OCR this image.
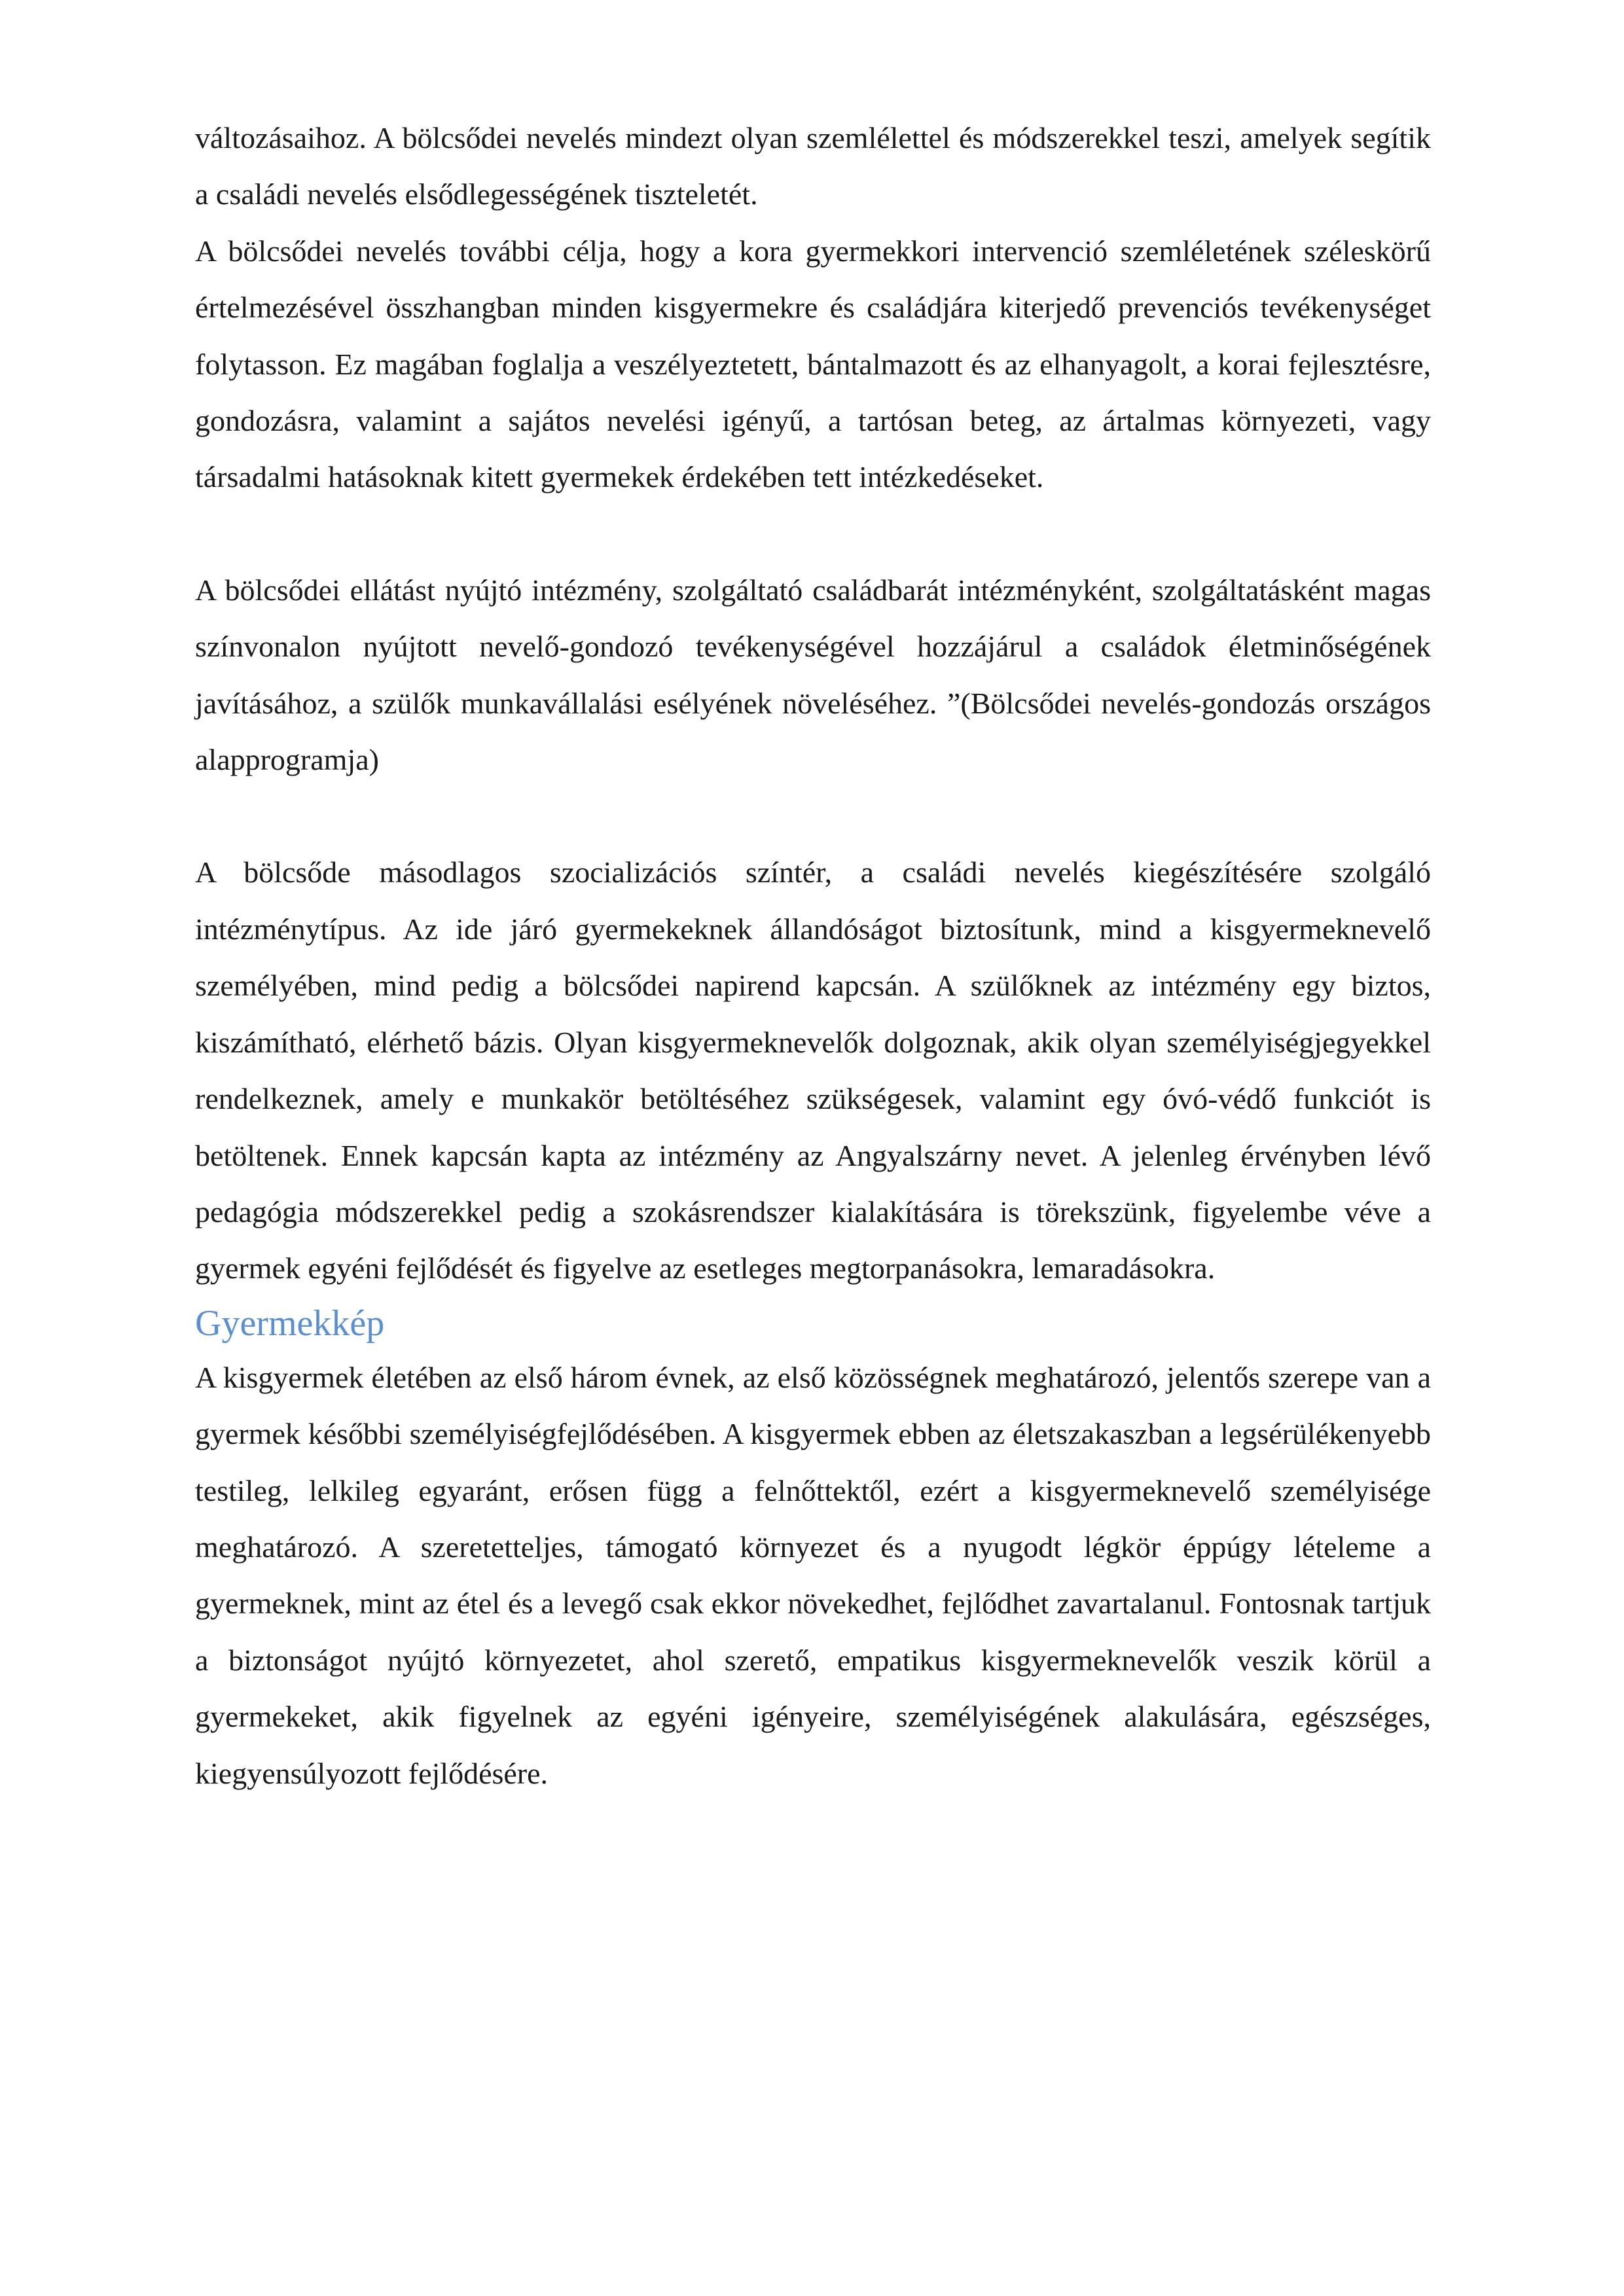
változásaihoz. A bölcsődei nevelés mindezt olyan szemlélettel és módszerekkel teszi, amelyek segítik a családi nevelés elsődlegességének tiszteletét.

A bölcsődei nevelés további célja, hogy a kora gyermekkori intervenció szemléletének széleskörű értelmezésével összhangban minden kisgyermekre és családjára kiterjedő prevenciós tevékenységet folytasson. Ez magában foglalja a veszélyeztetett, bántalmazott és az elhanyagolt, a korai fejlesztésre, gondozásra, valamint a sajátos nevelési igényű, a tartósan beteg, az ártalmas környezeti, vagy társadalmi hatásoknak kitett gyermekek érdekében tett intézkedéseket.

A bölcsődei ellátást nyújtó intézmény, szolgáltató családbarát intézményként, szolgáltatásként magas színvonalon nyújtott nevelő-gondozó tevékenységével hozzájárul a családok életminőségének javításához, a szülők munkavállalási esélyének növeléséhez. ”(Bölcsődei nevelés-gondozás országos alapprogramja)

A bölcsőde másodlagos szocializációs színtér, a családi nevelés kiegészítésére szolgáló intézménytípus. Az ide járó gyermekeknek állandóságot biztosítunk, mind a kisgyermeknevelő személyében, mind pedig a bölcsődei napirend kapcsán. A szülőknek az intézmény egy biztos, kiszámítható, elérhető bázis. Olyan kisgyermeknevelők dolgoznak, akik olyan személyiségjegyekkel rendelkeznek, amely e munkakör betöltéséhez szükségesek, valamint egy óvó-védő funkciót is betöltenek. Ennek kapcsán kapta az intézmény az Angyalszárny nevet. A jelenleg érvényben lévő pedagógia módszerekkel pedig a szokásrendszer kialakítására is törekszünk, figyelembe véve a gyermek egyéni fejlődését és figyelve az esetleges megtorpanásokra, lemaradásokra.

Gyermekkép

A kisgyermek életében az első három évnek, az első közösségnek meghatározó, jelentős szerepe van a gyermek későbbi személyiségfejlődésében. A kisgyermek ebben az életszakaszban a legsérülékenyebb testileg, lelkileg egyaránt, erősen függ a felnőttektől, ezért a kisgyermeknevelő személyisége meghatározó. A szeretetteljes, támogató környezet és a nyugodt légkör éppúgy lételeme a gyermeknek, mint az étel és a levegő csak ekkor növekedhet, fejlődhet zavartalanul. Fontosnak tartjuk a biztonságot nyújtó környezetet, ahol szerető, empatikus kisgyermeknevelők veszik körül a gyermekeket, akik figyelnek az egyéni igényeire, személyiségének alakulására, egészséges, kiegyensúlyozott fejlődésére.
